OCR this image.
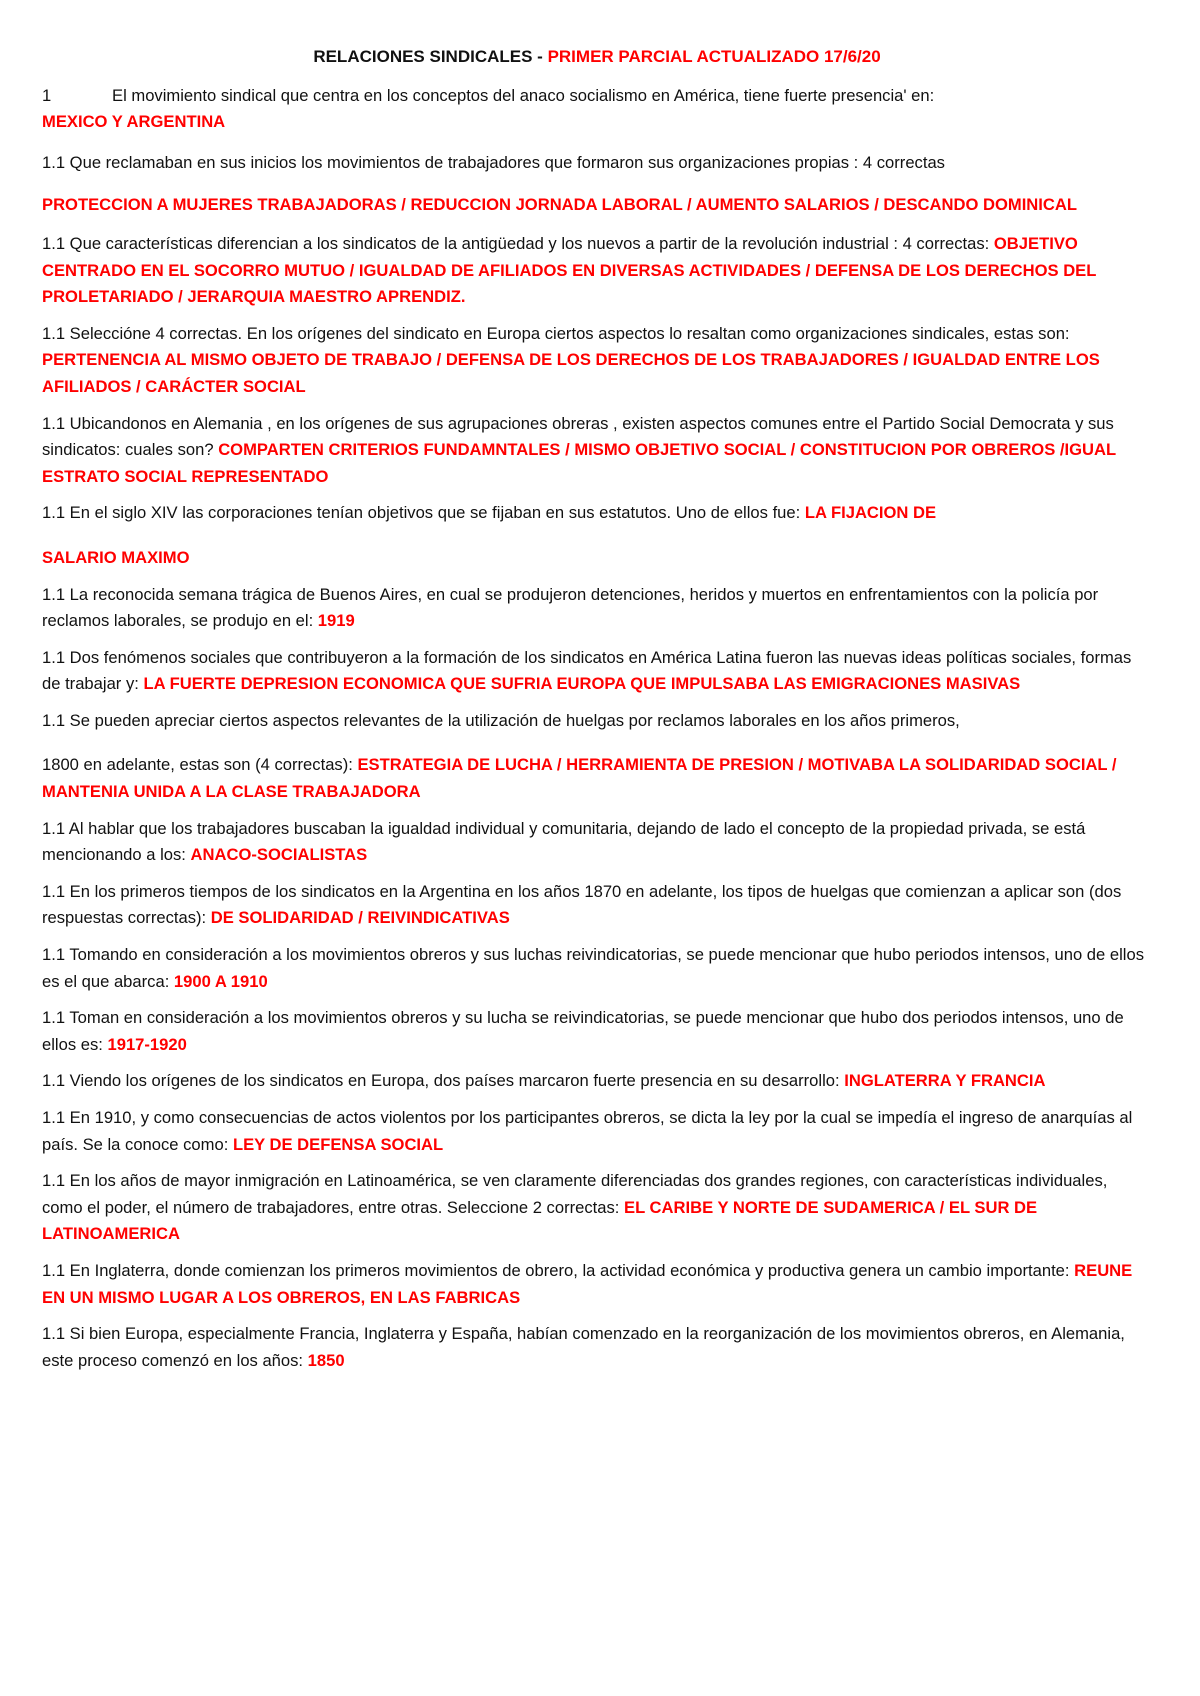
RELACIONES SINDICALES - PRIMER PARCIAL ACTUALIZADO 17/6/20
1	El movimiento sindical que centra en los conceptos del anaco socialismo en América, tiene fuerte presencia' en:
MEXICO Y ARGENTINA
1.1 Que reclamaban en sus inicios los movimientos de trabajadores que formaron sus organizaciones propias : 4 correctas
PROTECCION A MUJERES TRABAJADORAS / REDUCCION JORNADA LABORAL / AUMENTO SALARIOS / DESCANDO DOMINICAL
1.1 Que características diferencian a los sindicatos de la antigüedad y los nuevos a partir de la revolución industrial : 4 correctas: OBJETIVO CENTRADO EN EL SOCORRO MUTUO / IGUALDAD DE AFILIADOS EN DIVERSAS ACTIVIDADES / DEFENSA DE LOS DERECHOS DEL PROLETARIADO / JERARQUIA MAESTRO APRENDIZ.
1.1 Seleccióne 4 correctas. En los orígenes del sindicato en Europa ciertos aspectos lo resaltan como organizaciones sindicales, estas son: PERTENENCIA AL MISMO OBJETO DE TRABAJO / DEFENSA DE LOS DERECHOS DE LOS TRABAJADORES / IGUALDAD ENTRE LOS AFILIADOS / CARÁCTER SOCIAL
1.1 Ubicandonos en Alemania , en los orígenes de sus agrupaciones obreras , existen aspectos comunes entre el Partido Social Democrata y sus sindicatos: cuales son? COMPARTEN CRITERIOS FUNDAMNTALES / MISMO OBJETIVO SOCIAL / CONSTITUCION POR OBREROS /IGUAL ESTRATO SOCIAL REPRESENTADO
1.1 En el siglo XIV las corporaciones tenían objetivos que se fijaban en sus estatutos. Uno de ellos fue: LA FIJACION DE
SALARIO MAXIMO
1.1 La reconocida semana trágica de Buenos Aires, en cual se produjeron detenciones, heridos y muertos en enfrentamientos con la policía por reclamos laborales, se produjo en el: 1919
1.1 Dos fenómenos sociales que contribuyeron a la formación de los sindicatos en América Latina fueron las nuevas ideas políticas sociales, formas de trabajar y: LA FUERTE DEPRESION ECONOMICA QUE SUFRIA EUROPA QUE IMPULSABA LAS EMIGRACIONES MASIVAS
1.1 Se pueden apreciar ciertos aspectos relevantes de la utilización de huelgas por reclamos laborales en los años primeros,
1800 en adelante, estas son (4 correctas): ESTRATEGIA DE LUCHA / HERRAMIENTA DE PRESION / MOTIVABA LA SOLIDARIDAD SOCIAL / MANTENIA UNIDA A LA CLASE TRABAJADORA
1.1 Al hablar que los trabajadores buscaban la igualdad individual y comunitaria, dejando de lado el concepto de la propiedad privada, se está mencionando a los: ANACO-SOCIALISTAS
1.1 En los primeros tiempos de los sindicatos en la Argentina en los años 1870 en adelante, los tipos de huelgas que comienzan a aplicar son (dos respuestas correctas): DE SOLIDARIDAD / REIVINDICATIVAS
1.1 Tomando en consideración a los movimientos obreros y sus luchas reivindicatorias, se puede mencionar que hubo periodos intensos, uno de ellos es el que abarca: 1900 A 1910
1.1 Toman en consideración a los movimientos obreros y su lucha se reivindicatorias, se puede mencionar que hubo dos periodos intensos, uno de ellos es: 1917-1920
1.1 Viendo los orígenes de los sindicatos en Europa, dos países marcaron fuerte presencia en su desarrollo: INGLATERRA Y FRANCIA
1.1 En 1910, y como consecuencias de actos violentos por los participantes obreros, se dicta la ley por la cual se impedía el ingreso de anarquías al país. Se la conoce como: LEY DE DEFENSA SOCIAL
1.1 En los años de mayor inmigración en Latinoamérica, se ven claramente diferenciadas dos grandes regiones, con características individuales, como el poder, el número de trabajadores, entre otras. Seleccione 2 correctas: EL CARIBE Y NORTE DE SUDAMERICA / EL SUR DE LATINOAMERICA
1.1 En Inglaterra, donde comienzan los primeros movimientos de obrero, la actividad económica y productiva genera un cambio importante: REUNE EN UN MISMO LUGAR A LOS OBREROS, EN LAS FABRICAS
1.1 Si bien Europa, especialmente Francia, Inglaterra y España, habían comenzado en la reorganización de los movimientos obreros, en Alemania, este proceso comenzó en los años: 1850
